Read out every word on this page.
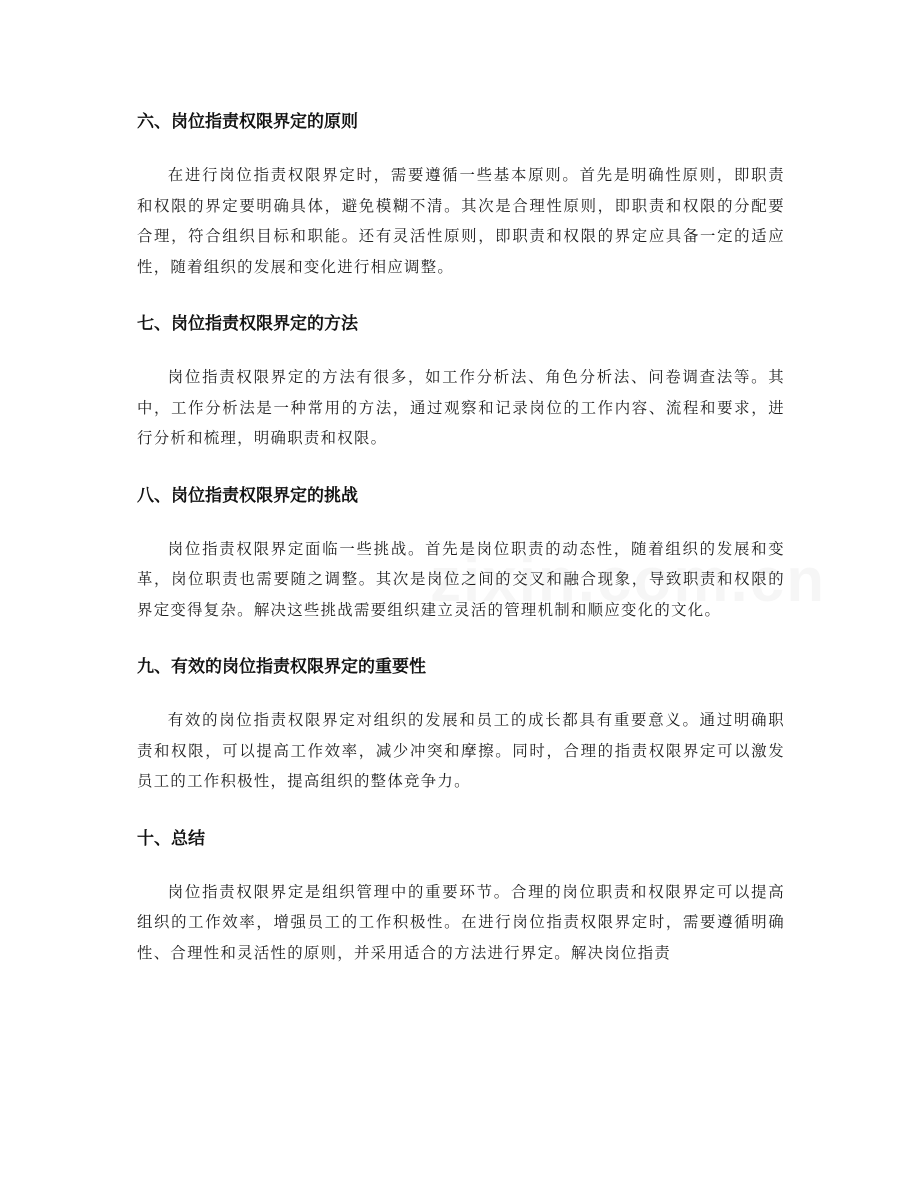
六、岗位指责权限界定的原则

在进行岗位指责权限界定时，需要遵循一些基本原则。首先是明确性原则，即职责和权限的界定要明确具体，避免模糊不清。其次是合理性原则，即职责和权限的分配要合理，符合组织目标和职能。还有灵活性原则，即职责和权限的界定应具备一定的适应性，随着组织的发展和变化进行相应调整。

七、岗位指责权限界定的方法

岗位指责权限界定的方法有很多，如工作分析法、角色分析法、问卷调查法等。其中，工作分析法是一种常用的方法，通过观察和记录岗位的工作内容、流程和要求，进行分析和梳理，明确职责和权限。

八、岗位指责权限界定的挑战

岗位指责权限界定面临一些挑战。首先是岗位职责的动态性，随着组织的发展和变革，岗位职责也需要随之调整。其次是岗位之间的交叉和融合现象，导致职责和权限的界定变得复杂。解决这些挑战需要组织建立灵活的管理机制和顺应变化的文化。

九、有效的岗位指责权限界定的重要性

有效的岗位指责权限界定对组织的发展和员工的成长都具有重要意义。通过明确职责和权限，可以提高工作效率，减少冲突和摩擦。同时，合理的指责权限界定可以激发员工的工作积极性，提高组织的整体竞争力。

十、总结

岗位指责权限界定是组织管理中的重要环节。合理的岗位职责和权限界定可以提高组织的工作效率，增强员工的工作积极性。在进行岗位指责权限界定时，需要遵循明确性、合理性和灵活性的原则，并采用适合的方法进行界定。解决岗位指责
